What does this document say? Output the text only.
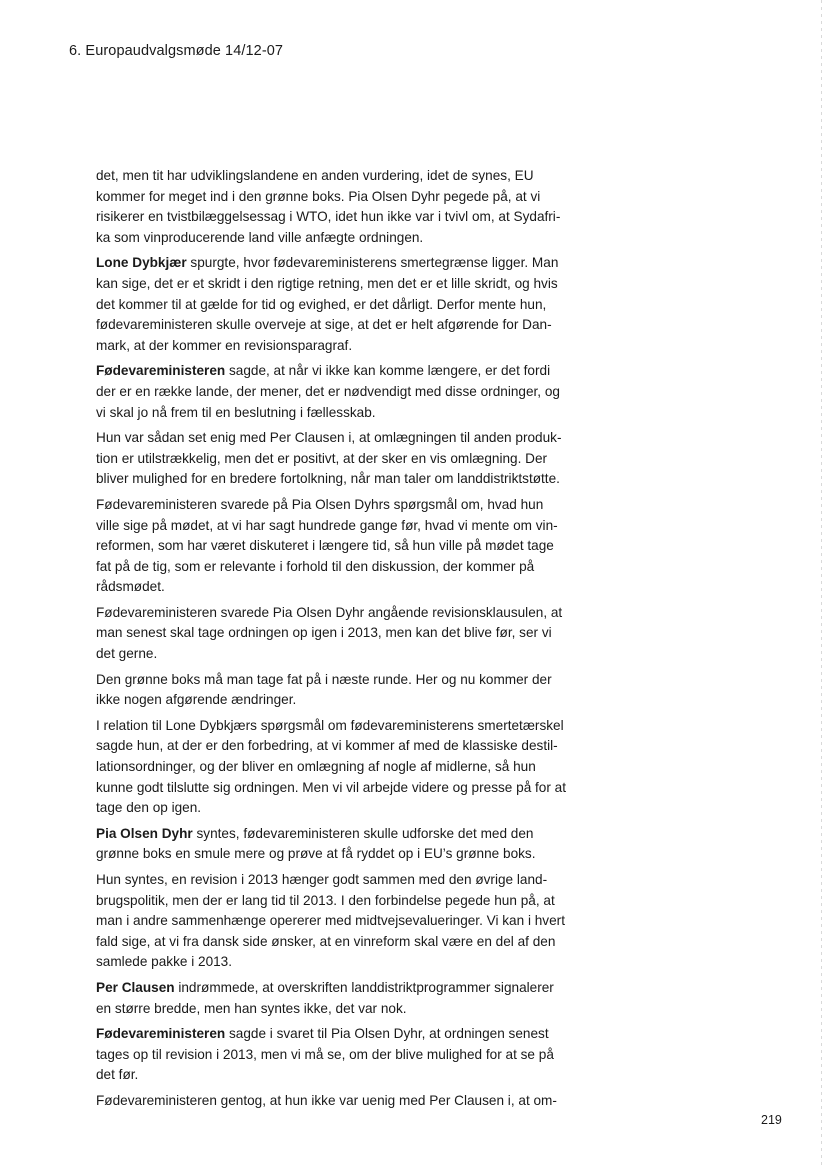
6. Europaudvalgsmøde 14/12-07

det, men tit har udviklingslandene en anden vurdering, idet de synes, EU
kommer for meget ind i den grønne boks. Pia Olsen Dyhr pegede på, at vi
risikerer en tvistbilæggelsessag i WTO, idet hun ikke var i tvivl om, at Sydafri-
ka som vinproducerende land ville anfægte ordningen.

Lone Dybkjær spurgte, hvor fødevareministerens smertegrænse ligger. Man
kan sige, det er et skridt i den rigtige retning, men det er et lille skridt, og hvis
det kommer til at gælde for tid og evighed, er det dårligt. Derfor mente hun,
fødevareministeren skulle overveje at sige, at det er helt afgørende for Dan-
mark, at der kommer en revisionsparagraf.

Fødevareministeren sagde, at når vi ikke kan komme længere, er det fordi
der er en række lande, der mener, det er nødvendigt med disse ordninger, og
vi skal jo nå frem til en beslutning i fællesskab.

Hun var sådan set enig med Per Clausen i, at omlægningen til anden produk-
tion er utilstrækkelig, men det er positivt, at der sker en vis omlægning. Der
bliver mulighed for en bredere fortolkning, når man taler om landdistriktstøtte.

Fødevareministeren svarede på Pia Olsen Dyhrs spørgsmål om, hvad hun
ville sige på mødet, at vi har sagt hundrede gange før, hvad vi mente om vin-
reformen, som har været diskuteret i længere tid, så hun ville på mødet tage
fat på de tig, som er relevante i forhold til den diskussion, der kommer på
rådsmødet.

Fødevareministeren svarede Pia Olsen Dyhr angående revisionsklausulen, at
man senest skal tage ordningen op igen i 2013, men kan det blive før, ser vi
det gerne.

Den grønne boks må man tage fat på i næste runde. Her og nu kommer der
ikke nogen afgørende ændringer.

I relation til Lone Dybkjærs spørgsmål om fødevareministerens smertetærskel
sagde hun, at der er den forbedring, at vi kommer af med de klassiske destil-
lationsordninger, og der bliver en omlægning af nogle af midlerne, så hun
kunne godt tilslutte sig ordningen. Men vi vil arbejde videre og presse på for at
tage den op igen.

Pia Olsen Dyhr syntes, fødevareministeren skulle udforske det med den
grønne boks en smule mere og prøve at få ryddet op i EU’s grønne boks.

Hun syntes, en revision i 2013 hænger godt sammen med den øvrige land-
brugspolitik, men der er lang tid til 2013. I den forbindelse pegede hun på, at
man i andre sammenhænge opererer med midtvejsevalueringer. Vi kan i hvert
fald sige, at vi fra dansk side ønsker, at en vinreform skal være en del af den
samlede pakke i 2013.

Per Clausen indrømmede, at overskriften landdistriktprogrammer signalerer
en større bredde, men han syntes ikke, det var nok.

Fødevareministeren sagde i svaret til Pia Olsen Dyhr, at ordningen senest
tages op til revision i 2013, men vi må se, om der blive mulighed for at se på
det før.

Fødevareministeren gentog, at hun ikke var uenig med Per Clausen i, at om-

219
